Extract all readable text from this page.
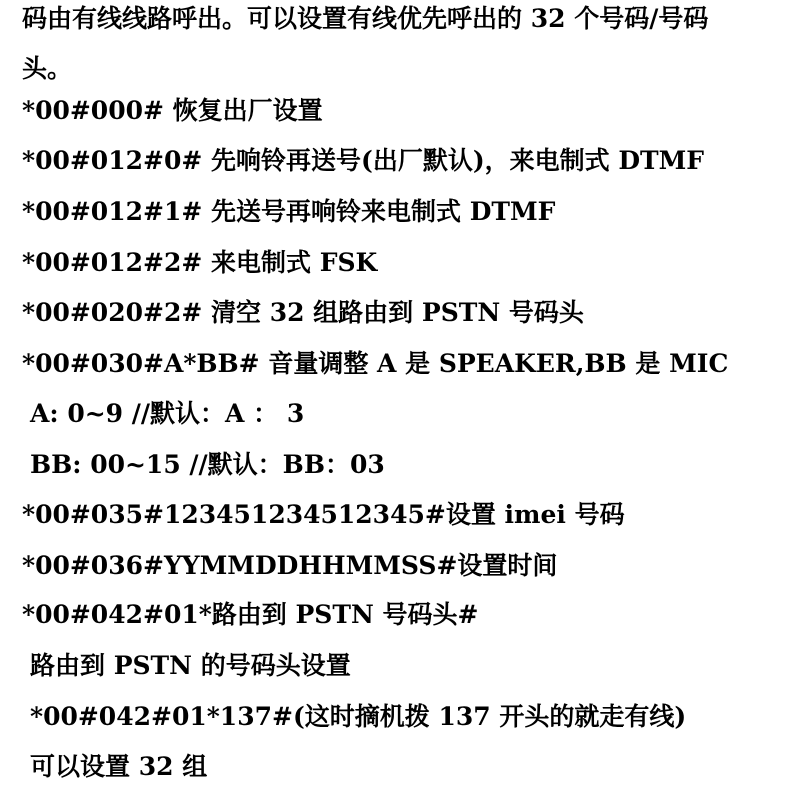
码由有线线路呼出。可以设置有线优先呼出的 32 个号码/号码
头。
*00#000# 恢复出厂设置
*00#012#0# 先响铃再送号(出厂默认)，来电制式 DTMF
*00#012#1# 先送号再响铃来电制式 DTMF
*00#012#2# 来电制式 FSK
*00#020#2# 清空 32 组路由到 PSTN 号码头
*00#030#A*BB# 音量调整 A 是 SPEAKER,BB 是 MIC
A: 0~9 //默认：A ： 3
BB: 00~15 //默认：BB：03
*00#035#123451234512345#设置 imei 号码
*00#036#YYMMDDHHMMSS#设置时间
*00#042#01*路由到 PSTN 号码头#
路由到 PSTN 的号码头设置
*00#042#01*137#(这时摘机拨 137 开头的就走有线)
可以设置 32 组
